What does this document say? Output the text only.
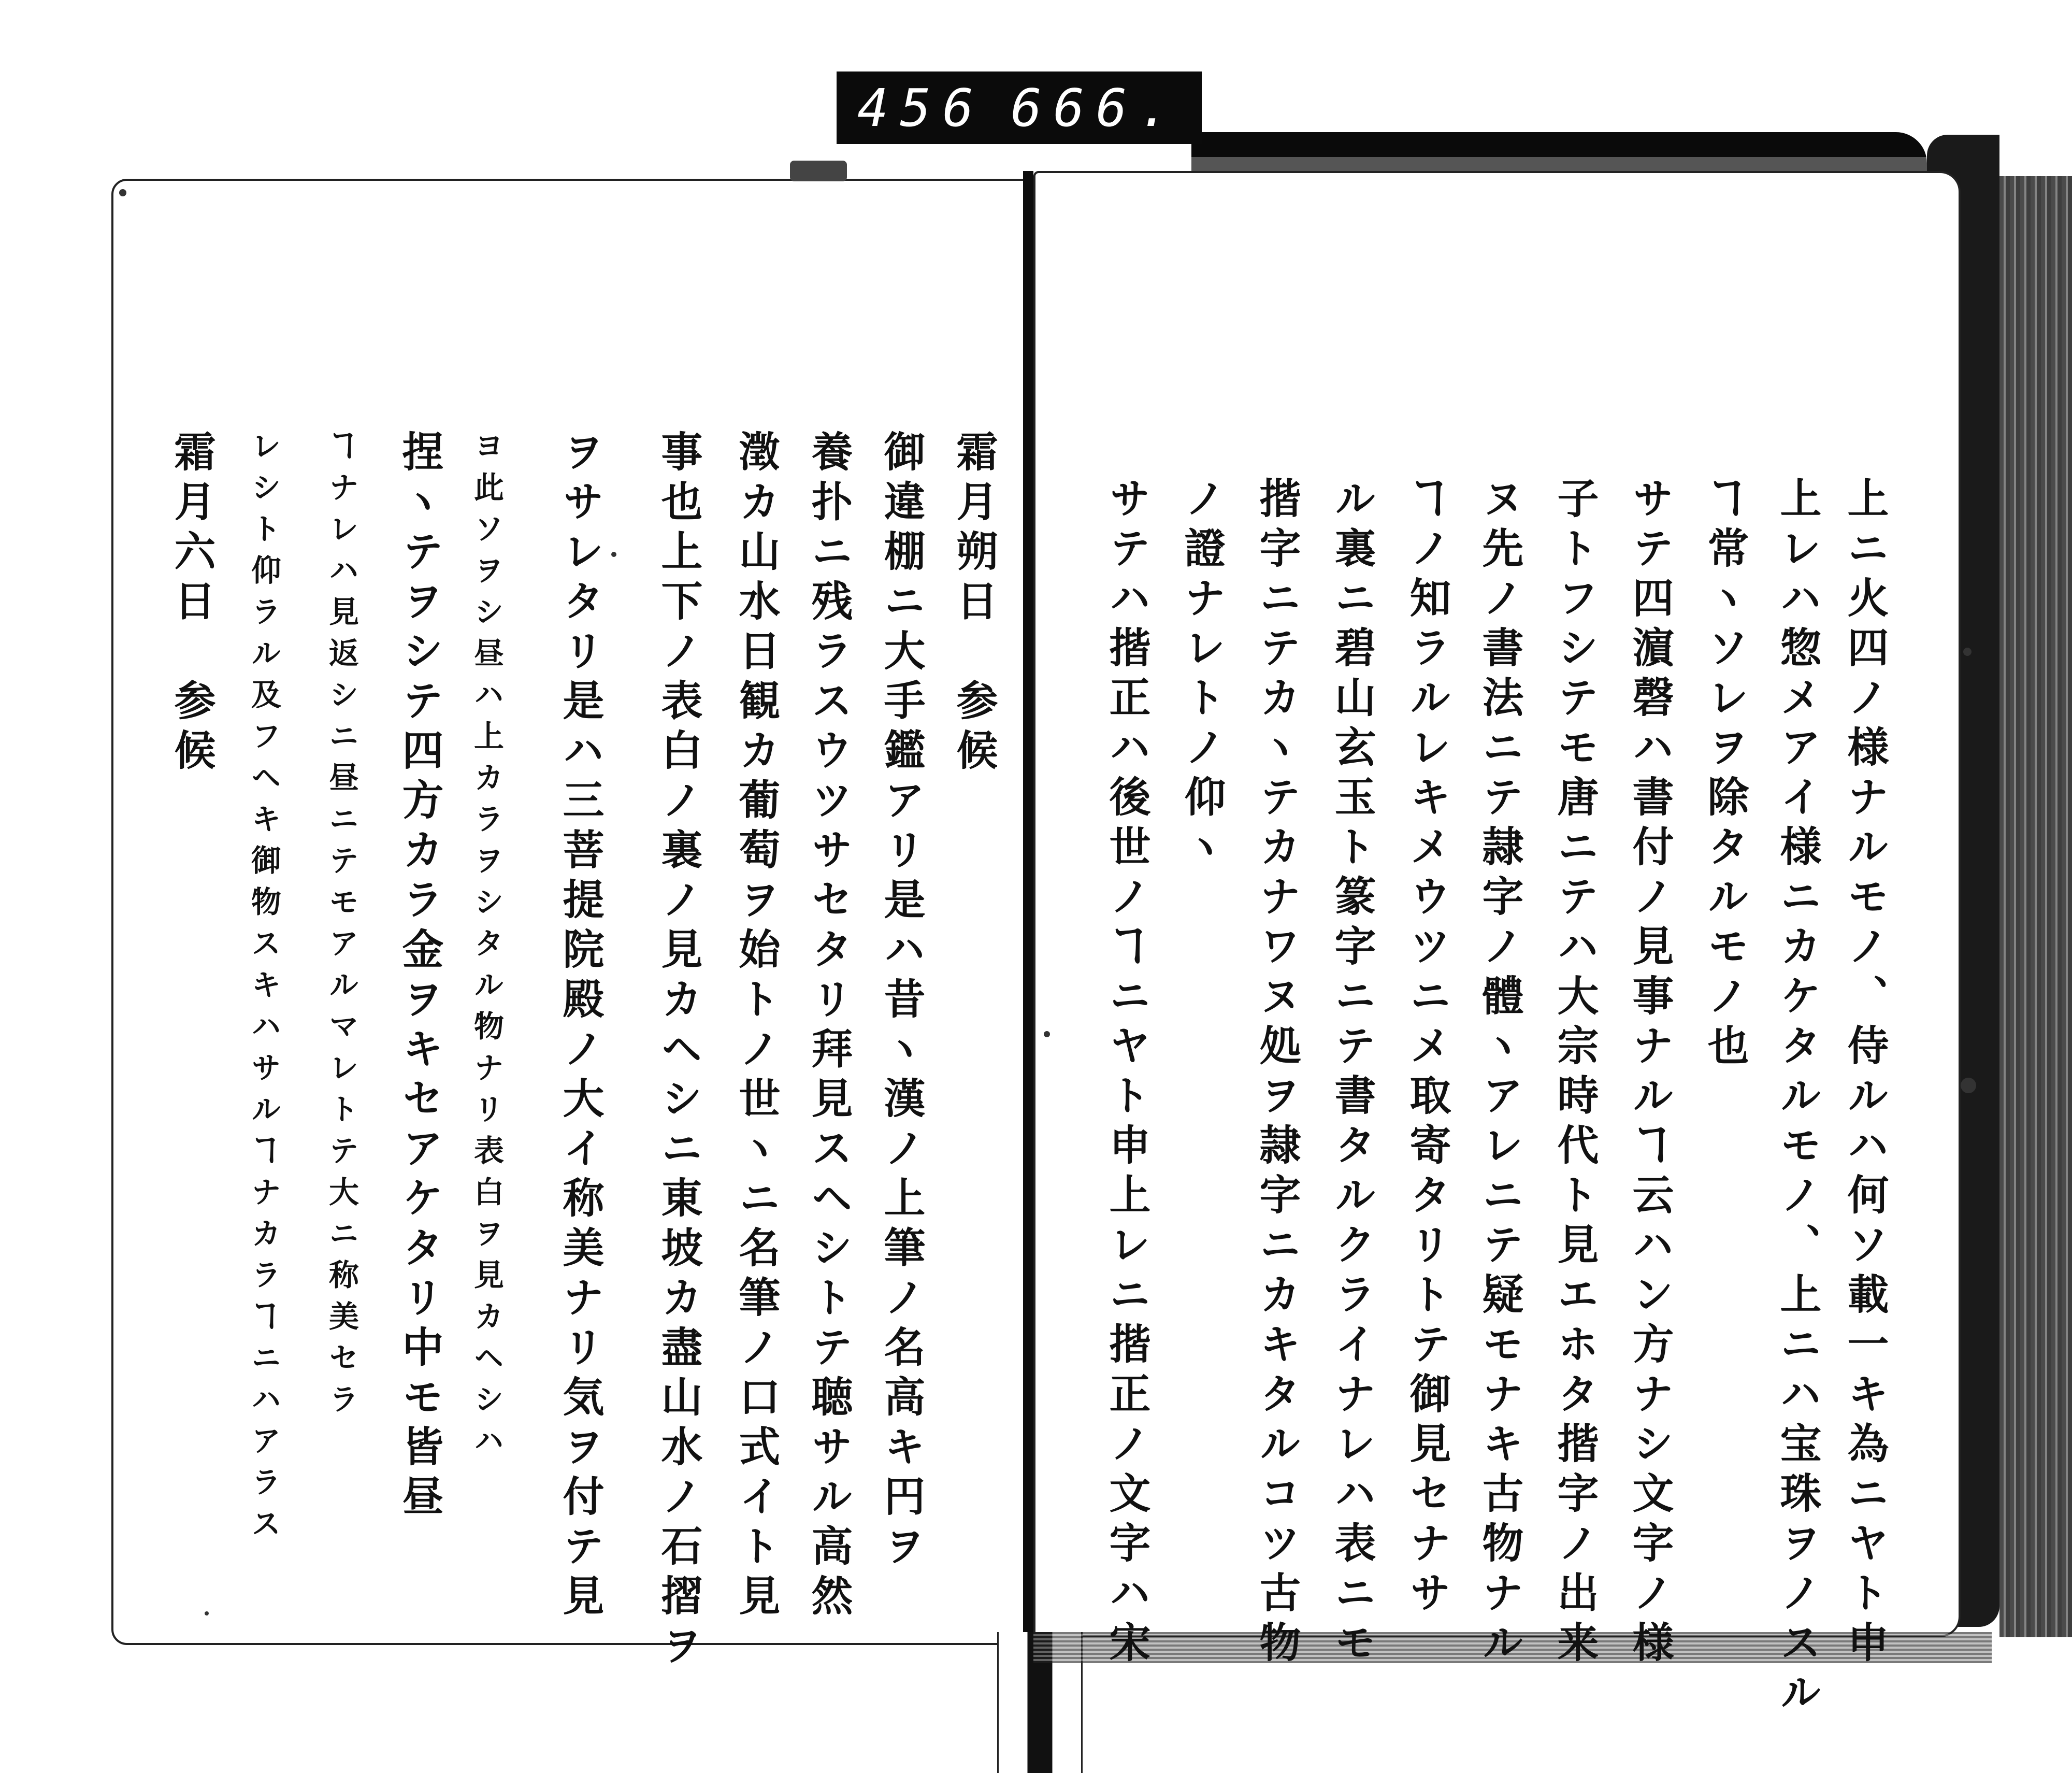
456 666.
上ニ火四ノ様ナルモノ、侍ルハ何ソ載一キ為ニヤト申
上レハ惣メアイ様ニカケタルモノ、上ニハ宝珠ヲノスル
ヿ常ヽソレヲ除タルモノ也
サテ四濵磬ハ書付ノ見事ナルヿ云ハン方ナシ文字ノ様
子トフシテモ唐ニテハ大宗時代ト見エホタ揩字ノ出来
ヌ先ノ書法ニテ隷字ノ體ヽアレニテ疑モナキ古物ナル
ヿノ知ラルレキメウツニメ取寄タリトテ御見セナサ
ル裏ニ碧山玄玉ト篆字ニテ書タルクライナレハ表ニモ
揩字ニテカヽテカナワヌ処ヲ隷字ニカキタルコツ古物
ノ證ナレトノ仰ヽ
サテハ揩正ハ後世ノヿニヤト申上レニ揩正ノ文字ハ宋
霜月朔日　参候
御違棚ニ大手鑑アリ是ハ昔ヽ漢ノ上筆ノ名高キ円ヲ
養扑ニ残ラスウツサセタリ拜見スヘシトテ聴サル高然
澂カ山水日観カ葡萄ヲ始トノ世ヽニ名筆ノ口式イト見
事也上下ノ表白ノ裏ノ見カヘシニ東坡カ盡山水ノ石摺ヲ
ヲサレタリ是ハ三菩提院殿ノ大イ称美ナリ気ヲ付テ見
ヨ此ソヲシ昼ハ上カラヲシタル物ナリ表白ヲ見カヘシハ
捏ヽテヲシテ四方カラ金ヲキセアケタリ中モ皆昼
ヿナレハ見返シニ昼ニテモアルマレトテ大ニ称美セラ
レシト仰ラル及フヘキ御物スキハサルヿナカラヿニハアラス
霜月六日　参候
